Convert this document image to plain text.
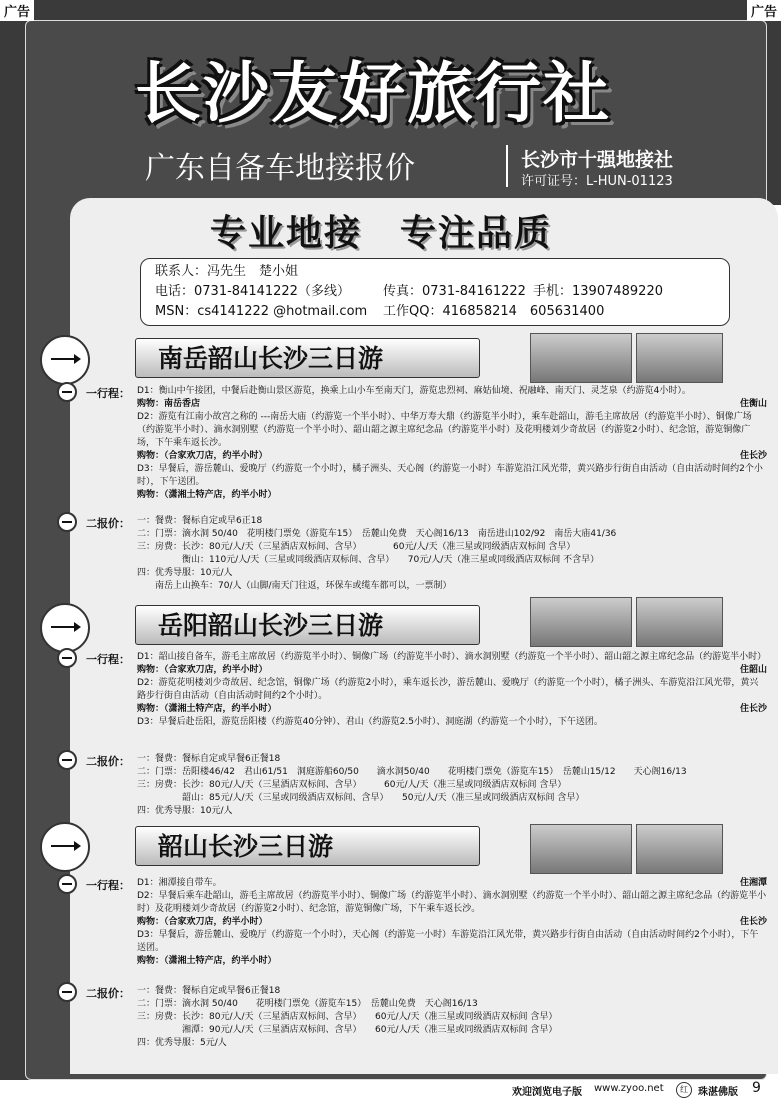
广告	广告
长沙友好旅行社
广东自备车地接报价	长沙市十强地接社
许可证号：L-HUN-01123
专业地接　专注品质
联系人：冯先生　楚小姐
电话：0731-84141222（多线）	传真：0731-84161222 手机：13907489220
MSN：cs4141222 @hotmail.com 工作QQ：416858214　605631400
南岳韶山长沙三日游
一行程： D1：衡山中午接团，中餐后赴衡山景区游览，换乘上山小车至南天门，游览忠烈祠、麻姑仙境、祝融峰、南天门、灵芝泉（约游览4小时）。

住衡山
购物：南岳香店

D2：游览有江南小故宫之称的 ---南岳大庙（约游览一个半小时）、中华万寿大鼎（约游览半小时），乘车赴韶山，游毛主席故居（约游览半小时）、铜像广场（约游览半小时）、滴水洞别墅（约游览一个半小时）、韶山韶之源主席纪念品（约游览半小时）及花明楼刘少奇故居（约游览2小时）、纪念馆，游览铜像广场，下午乘车返长沙。

住长沙
购物：（合家欢刀店，约半小时）

D3：早餐后，游岳麓山、爱晚厅（约游览一个小时），橘子洲头、天心阁（约游览一小时）车游览沿江风光带，黄兴路步行街自由活动（自由活动时间约2个小时），下午送团。

购物：（潇湘土特产店，约半小时）

二报价： 一：餐费：餐标自定或早6正18

二：门票：滴水洞 50/40　花明楼门票免（游览车15）　岳麓山免费　天心阁16/13　南岳进山102/92　南岳大庙41/36

三：房费：长沙：80元/人/天（三星酒店双标间、含早）　　　　60元/人/天（准三星或同级酒店双标间 含早）

　　　　　衡山：110元/人/天（三星或同级酒店双标间、含早）　　70元/人/天（准三星或同级酒店双标间 不含早）

四：优秀导服：10元/人

　　南岳上山换车：70/人（山脚/南天门往返，环保车或缆车都可以，一票制）

岳阳韶山长沙三日游
一行程： D1：韶山接自备车，游毛主席故居（约游览半小时）、铜像广场（约游览半小时）、滴水洞别墅（约游览一个半小时）、韶山韶之源主席纪念品（约游览半小时）

住韶山
购物：（合家欢刀店，约半小时）

D2：游览花明楼刘少奇故居、纪念馆，铜像广场（约游览2小时），乘车返长沙，游岳麓山、爱晚厅（约游览一个小时），橘子洲头、车游览沿江风光带，黄兴路步行街自由活动（自由活动时间约2个小时）。

住长沙
购物：（潇湘土特产店，约半小时）

D3：早餐后赴岳阳，游览岳阳楼（约游览40分钟）、君山（约游览2.5小时）、洞庭湖（约游览一个小时），下午送团。

二报价： 一：餐费：餐标自定或早餐6正餐18

二：门票：岳阳楼46/42　君山61/51　洞庭游船60/50　　滴水洞50/40　　花明楼门票免（游览车15）　岳麓山15/12　　天心阁16/13

三：房费：长沙：80元/人/天（三星酒店双标间、含早）　　　60元/人/天（准三星或同级酒店双标间 含早）

　　　　　韶山：85元/人/天（三星或同级酒店双标间、含早）　　50元/人/天（准三星或同级酒店双标间 含早）

四：优秀导服：10元/人

韶山长沙三日游
一行程：	住湘潭
D1：湘潭接自带车。

D2：早餐后乘车赴韶山，游毛主席故居（约游览半小时）、铜像广场（约游览半小时）、滴水洞别墅（约游览一个半小时）、韶山韶之源主席纪念品（约游览半小时）及花明楼刘少奇故居（约游览2小时）、纪念馆，游览铜像广场，下午乘车返长沙。

住长沙
购物：（合家欢刀店，约半小时）

D3：早餐后，游岳麓山、爱晚厅（约游览一个小时），天心阁（约游览一小时）车游览沿江风光带，黄兴路步行街自由活动（自由活动时间约2个小时），下午送团。

购物：（潇湘土特产店，约半小时）

二报价： 一：餐费：餐标自定或早餐6正餐18

二：门票：滴水洞 50/40　　花明楼门票免（游览车15）　岳麓山免费　天心阁16/13

三：房费：长沙：80元/人/天（三星酒店双标间、含早）　　60元/人/天（准三星或同级酒店双标间 含早）

　　　　　湘潭：90元/人/天（三星酒店双标间、含早）　　60元/人/天（准三星或同级酒店双标间 含早）

四：优秀导服：5元/人

欢迎浏览电子版 www.zyoo.net	红	珠湛佛版 9
